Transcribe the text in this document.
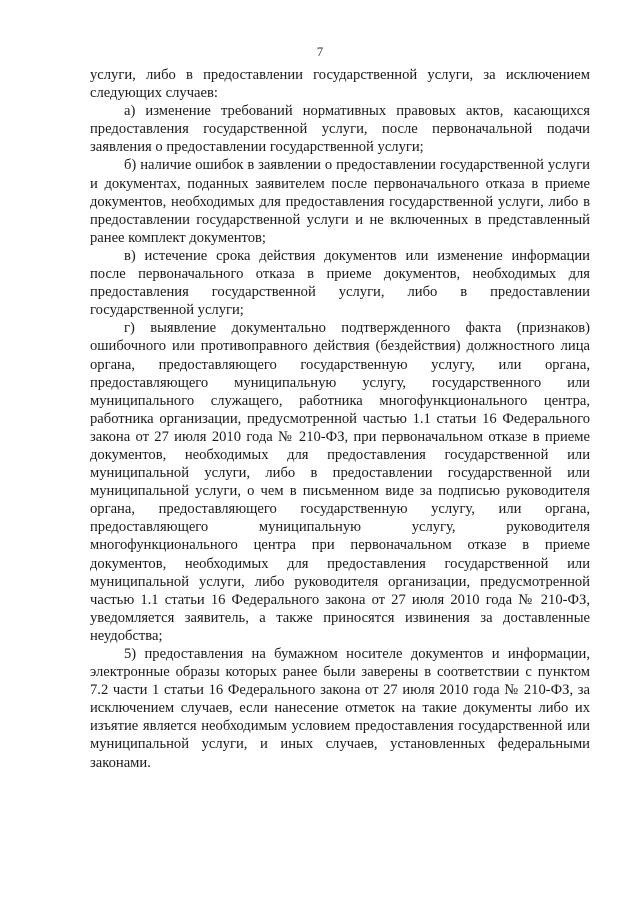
7

услуги, либо в предоставлении государственной услуги, за исключением следующих случаев:

а) изменение требований нормативных правовых актов, касающихся предоставления государственной услуги, после первоначальной подачи заявления о предоставлении государственной услуги;

б) наличие ошибок в заявлении о предоставлении государственной услуги и документах, поданных заявителем после первоначального отказа в приеме документов, необходимых для предоставления государственной услуги, либо в предоставлении государственной услуги и не включенных в представленный ранее комплект документов;

в) истечение срока действия документов или изменение информации после первоначального отказа в приеме документов, необходимых для предоставления государственной услуги, либо в предоставлении государственной услуги;

г) выявление документально подтвержденного факта (признаков) ошибочного или противоправного действия (бездействия) должностного лица органа, предоставляющего государственную услугу, или органа, предоставляющего муниципальную услугу, государственного или муниципального служащего, работника многофункционального центра, работника организации, предусмотренной частью 1.1 статьи 16 Федерального закона от 27 июля 2010 года № 210-ФЗ, при первоначальном отказе в приеме документов, необходимых для предоставления государственной или муниципальной услуги, либо в предоставлении государственной или муниципальной услуги, о чем в письменном виде за подписью руководителя органа, предоставляющего государственную услугу, или органа, предоставляющего муниципальную услугу, руководителя многофункционального центра при первоначальном отказе в приеме документов, необходимых для предоставления государственной или муниципальной услуги, либо руководителя организации, предусмотренной частью 1.1 статьи 16 Федерального закона от 27 июля 2010 года № 210-ФЗ, уведомляется заявитель, а также приносятся извинения за доставленные неудобства;

5) предоставления на бумажном носителе документов и информации, электронные образы которых ранее были заверены в соответствии с пунктом 7.2 части 1 статьи 16 Федерального закона от 27 июля 2010 года № 210-ФЗ, за исключением случаев, если нанесение отметок на такие документы либо их изъятие является необходимым условием предоставления государственной или муниципальной услуги, и иных случаев, установленных федеральными законами.
